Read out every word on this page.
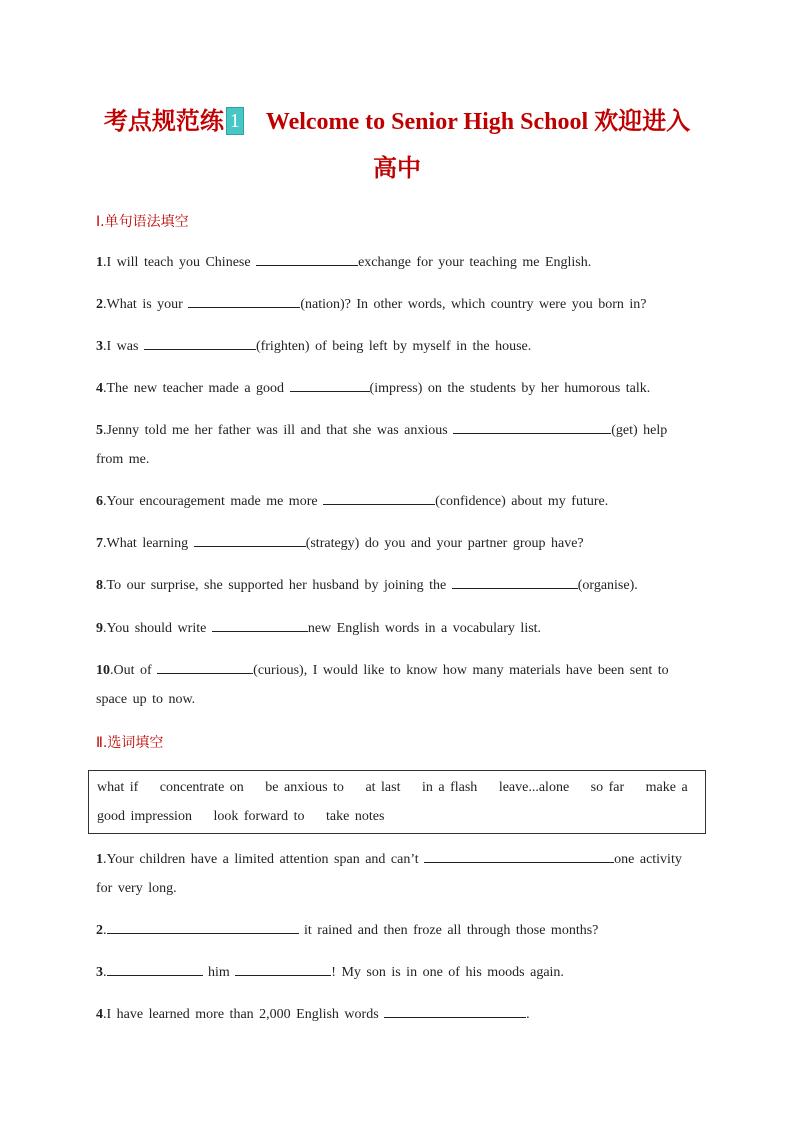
考点规范练 1 Welcome to Senior High School 欢迎进入
高中
Ⅰ.单句语法填空
1.I will teach you Chinese	exchange for your teaching me English.
2.What is your	(nation)? In other words, which country were you born in?
3.I was	(frighten) of being left by myself in the house.
4.The new teacher made a good	(impress) on the students by her humorous talk.
5.Jenny told me her father was ill and that she was anxious	(get) help from me.
6.Your encouragement made me more	(confidence) about my future.
7.What learning	(strategy) do you and your partner group have?
8.To our surprise, she supported her husband by joining the	(organise).
9.You should write	new English words in a vocabulary list.
10.Out of	(curious), I would like to know how many materials have been sent to space up to now.
Ⅱ.选词填空
what if concentrate on be anxious to at last in a flash leave...alone so far make a good impression look forward to take notes
1.Your children have a limited attention span and can’t	one activity for very long.
2.	it rained and then froze all through those months?
3.	him	! My son is in one of his moods again.
4.I have learned more than 2,000 English words	.
